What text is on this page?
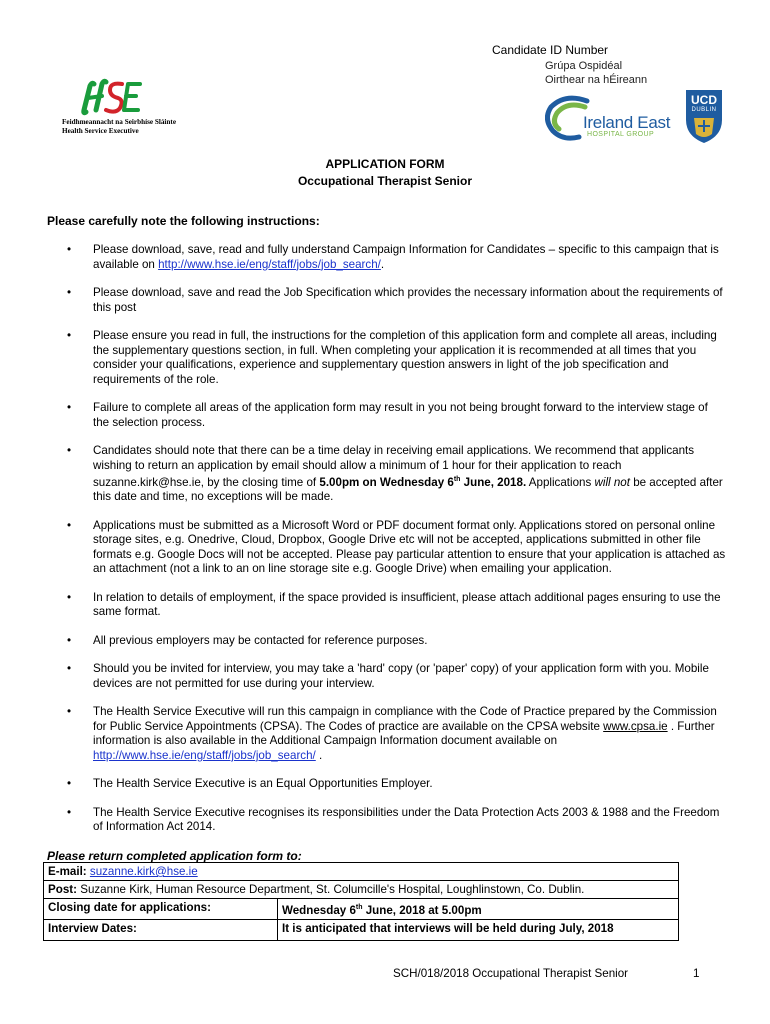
Candidate ID Number
Feidhmeannacht na Seirbhíse Sláinte
Health Service Executive
Grúpa Ospidéal
Oirthear na hÉireann
Ireland East
HOSPITAL GROUP
UCD
DUBLIN
APPLICATION FORM
Occupational Therapist Senior
Please carefully note the following instructions:
• Please download, save, read and fully understand Campaign Information for Candidates – specific to this campaign that is available on http://www.hse.ie/eng/staff/jobs/job_search/.
• Please download, save and read the Job Specification which provides the necessary information about the requirements of this post
• Please ensure you read in full, the instructions for the completion of this application form and complete all areas, including the supplementary questions section, in full. When completing your application it is recommended at all times that you consider your qualifications, experience and supplementary question answers in light of the job specification and requirements of the role.
• Failure to complete all areas of the application form may result in you not being brought forward to the interview stage of the selection process.
• Candidates should note that there can be a time delay in receiving email applications. We recommend that applicants wishing to return an application by email should allow a minimum of 1 hour for their application to reach suzanne.kirk@hse.ie, by the closing time of 5.00pm on Wednesday 6th June, 2018. Applications will not be accepted after this date and time, no exceptions will be made.
• Applications must be submitted as a Microsoft Word or PDF document format only. Applications stored on personal online storage sites, e.g. Onedrive, Cloud, Dropbox, Google Drive etc will not be accepted, applications submitted in other file formats e.g. Google Docs will not be accepted. Please pay particular attention to ensure that your application is attached as an attachment (not a link to an on line storage site e.g. Google Drive) when emailing your application.
• In relation to details of employment, if the space provided is insufficient, please attach additional pages ensuring to use the same format.
• All previous employers may be contacted for reference purposes.
• Should you be invited for interview, you may take a 'hard' copy (or 'paper' copy) of your application form with you. Mobile devices are not permitted for use during your interview.
• The Health Service Executive will run this campaign in compliance with the Code of Practice prepared by the Commission for Public Service Appointments (CPSA). The Codes of practice are available on the CPSA website www.cpsa.ie . Further information is also available in the Additional Campaign Information document available on http://www.hse.ie/eng/staff/jobs/job_search/ .
• The Health Service Executive is an Equal Opportunities Employer.
• The Health Service Executive recognises its responsibilities under the Data Protection Acts 2003 & 1988 and the Freedom of Information Act 2014.
Please return completed application form to:
E-mail: suzanne.kirk@hse.ie	
Post: Suzanne Kirk, Human Resource Department, St. Columcille's Hospital, Loughlinstown, Co. Dublin.	
Closing date for applications:	Wednesday 6th June, 2018 at 5.00pm
Interview Dates:	It is anticipated that interviews will be held during July, 2018
SCH/018/2018 Occupational Therapist Senior	1
